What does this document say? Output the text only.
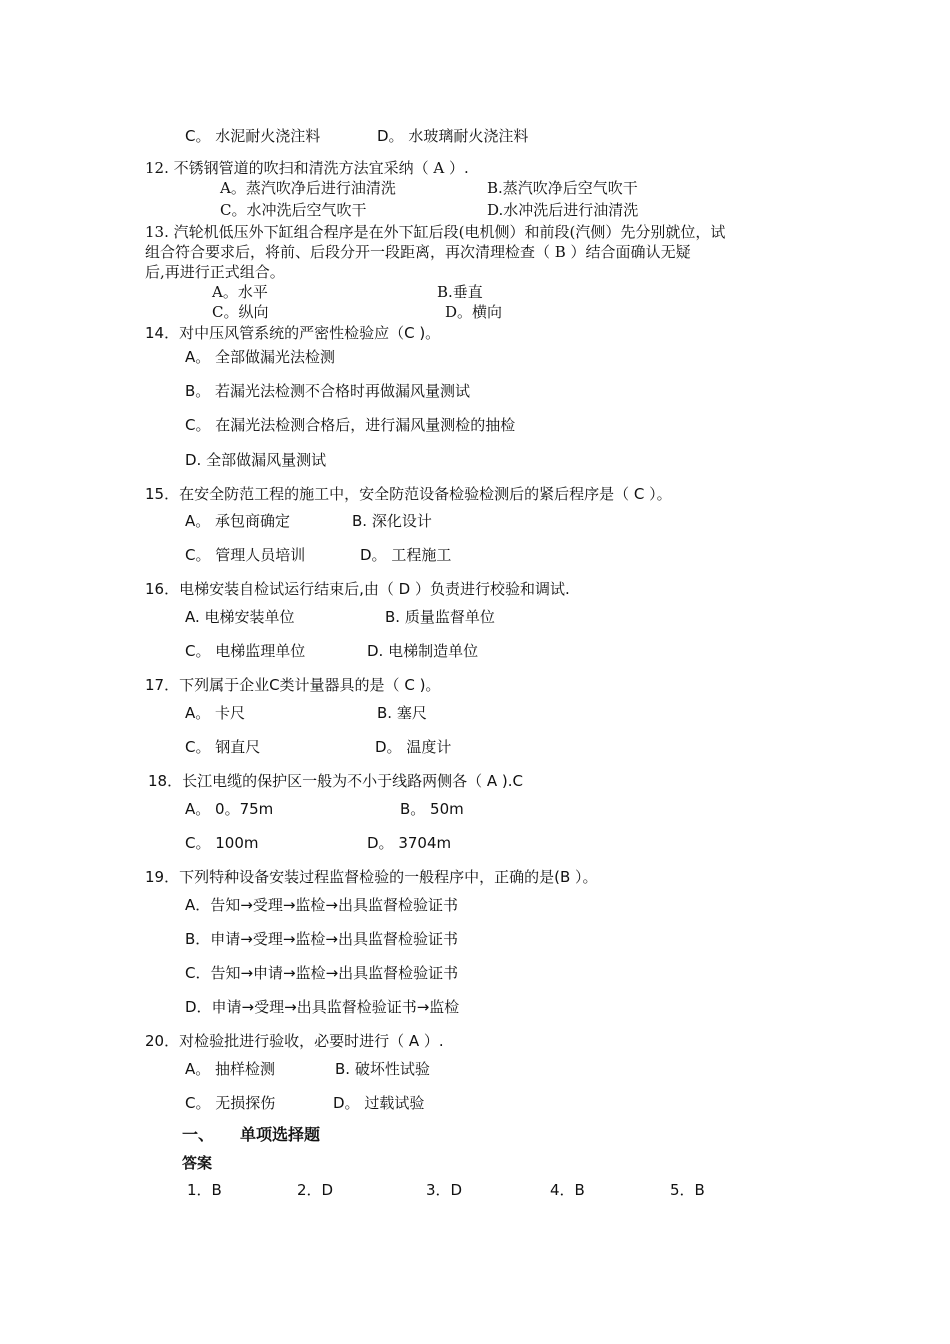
C。 水泥耐火浇注料	D。 水玻璃耐火浇注料
12. 不锈钢管道的吹扫和清洗方法宜采纳（ A ）.
A。蒸汽吹净后进行油清洗	B.蒸汽吹净后空气吹干
C。水冲洗后空气吹干	D.水冲洗后进行油清洗
13. 汽轮机低压外下缸组合程序是在外下缸后段(电机侧）和前段(汽侧）先分别就位，试
组合符合要求后，将前、后段分开一段距离，再次清理检查（ B ）结合面确认无疑
后,再进行正式组合。
A。水平	B.垂直
C。纵向	D。横向
14．对中压风管系统的严密性检验应（C )。
A。 全部做漏光法检测
B。 若漏光法检测不合格时再做漏风量测试
C。 在漏光法检测合格后，进行漏风量测检的抽检
D. 全部做漏风量测试
15．在安全防范工程的施工中，安全防范设备检验检测后的紧后程序是（ C ）。
A。 承包商确定	B. 深化设计
C。 管理人员培训	D。 工程施工
16．电梯安装自检试运行结束后,由（ D ）负责进行校验和调试.
A. 电梯安装单位	B. 质量监督单位
C。 电梯监理单位	D. 电梯制造单位
17．下列属于企业C类计量器具的是（ C )。
A。 卡尺	B. 塞尺
C。 钢直尺	D。 温度计
18．长江电缆的保护区一般为不小于线路两侧各（ A ).C
A。 0。75m	B。 50m
C。 100m	D。 3704m
19．下列特种设备安装过程监督检验的一般程序中，正确的是(B ）。
A．告知→受理→监检→出具监督检验证书
B．申请→受理→监检→出具监督检验证书
C．告知→申请→监检→出具监督检验证书
D．申请→受理→出具监督检验证书→监检
20．对检验批进行验收，必要时进行（ A ）.
A。 抽样检测	B. 破坏性试验
C。 无损探伤	D。 过载试验
一、 单项选择题
答案
1．B	2．D	3．D	4．B	5．B
